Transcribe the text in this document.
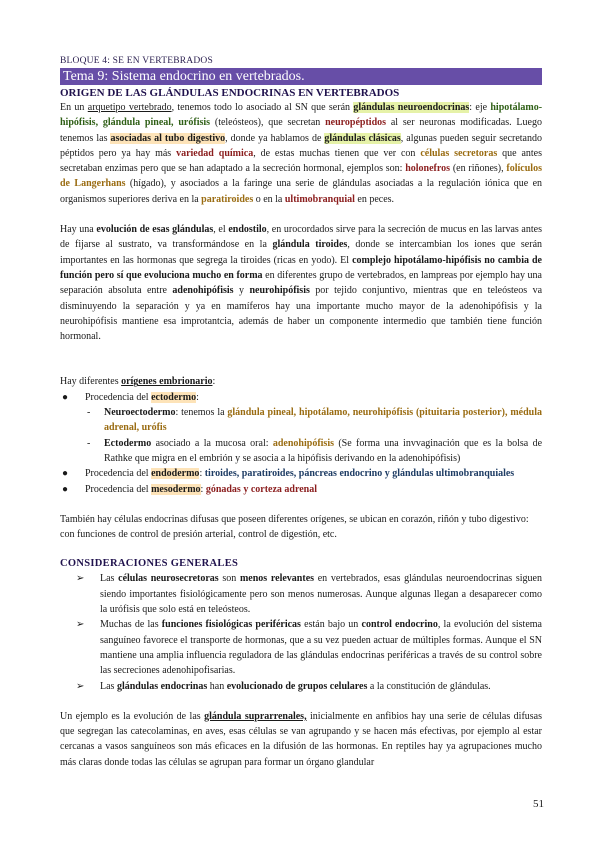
BLOQUE 4: SE EN VERTEBRADOS
Tema 9: Sistema endocrino en vertebrados.
ORIGEN DE LAS GLÁNDULAS ENDOCRINAS EN VERTEBRADOS

En un arquetipo vertebrado, tenemos todo lo asociado al SN que serán glándulas neuroendocrinas: eje hipotálamo-hipófisis, glándula pineal, urófisis (teleósteos), que secretan neuropéptidos al ser neuronas modificadas. Luego tenemos las asociadas al tubo digestivo, donde ya hablamos de glándulas clásicas, algunas pueden seguir secretando péptidos pero ya hay más variedad química, de estas muchas tienen que ver con células secretoras que antes secretaban enzimas pero que se han adaptado a la secreción hormonal, ejemplos son: holonefros (en riñones), folículos de Langerhans (hígado), y asociados a la faringe una serie de glándulas asociadas a la regulación iónica que en organismos superiores deriva en la paratiroides o en la ultimobranquial en peces.

Hay una evolución de esas glándulas, el endostilo, en urocordados sirve para la secreción de mucus en las larvas antes de fijarse al sustrato, va transformándose en la glándula tiroides, donde se intercambian los iones que serán importantes en las hormonas que segrega la tiroides (ricas en yodo). El complejo hipotálamo-hipófisis no cambia de función pero sí que evoluciona mucho en forma en diferentes grupo de vertebrados, en lampreas por ejemplo hay una separación absoluta entre adenohipófisis y neurohipófisis por tejido conjuntivo, mientras que en teleósteos va disminuyendo la separación y ya en mamíferos hay una importante mucho mayor de la adenohipófisis y la neurohipófisis mantiene esa improtantcia, además de haber un componente intermedio que también tiene función hormonal.

Hay diferentes orígenes embrionario:

● Procedencia del ectodermo:
- Neuroectodermo: tenemos la glándula pineal, hipotálamo, neurohipófisis (pituitaria posterior), médula adrenal, urófis
- Ectodermo asociado a la mucosa oral: adenohipófisis (Se forma una invvaginación que es la bolsa de Rathke que migra en el embrión y se asocia a la hipófisis derivando en la adenohipófisis)
● Procedencia del endodermo: tiroides, paratiroides, páncreas endocrino y glándulas ultimobranquiales
● Procedencia del mesodermo: gónadas y corteza adrenal

También hay células endocrinas difusas que poseen diferentes orígenes, se ubican en corazón, riñón y tubo digestivo: con funciones de control de presión arterial, control de digestión, etc.

CONSIDERACIONES GENERALES
➢ Las células neurosecretoras son menos relevantes en vertebrados, esas glándulas neuroendocrinas siguen siendo importantes fisiológicamente pero son menos numerosas. Aunque algunas llegan a desaparecer como la urófisis que solo está en teleósteos.
➢ Muchas de las funciones fisiológicas periféricas están bajo un control endocrino, la evolución del sistema sanguíneo favorece el transporte de hormonas, que a su vez pueden actuar de múltiples formas. Aunque el SN mantiene una amplia influencia reguladora de las glándulas endocrinas periféricas a través de su control sobre las secreciones adenohipofisarias.
➢ Las glándulas endocrinas han evolucionado de grupos celulares a la constitución de glándulas.

Un ejemplo es la evolución de las glándula suprarrenales, inicialmente en anfibios hay una serie de células difusas que segregan las catecolaminas, en aves, esas células se van agrupando y se hacen más efectivas, por ejemplo al estar cercanas a vasos sanguíneos son más eficaces en la difusión de las hormonas. En reptiles hay ya agrupaciones mucho más claras donde todas las células se agrupan para formar un órgano glandular

51
